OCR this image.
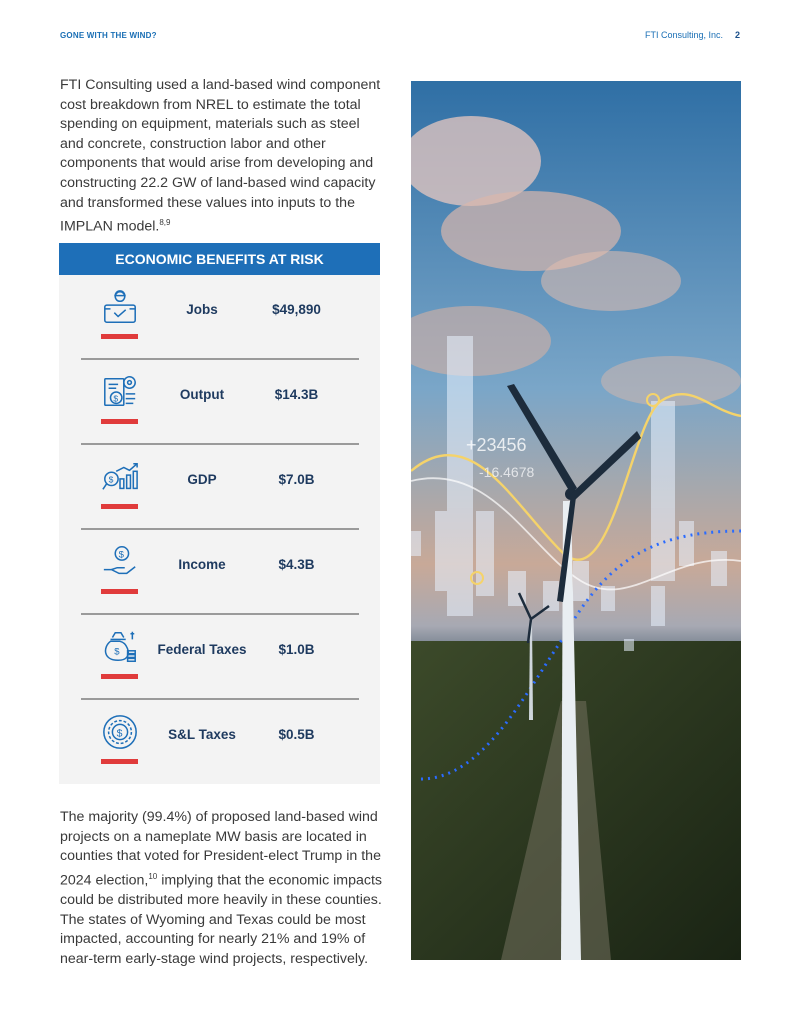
GONE WITH THE WIND?	FTI Consulting, Inc. 2

FTI Consulting used a land-based wind component cost breakdown from NREL to estimate the total spending on equipment, materials such as steel and concrete, construction labor and other components that would arise from developing and constructing 22.2 GW of land-based wind capacity and transformed these values into inputs to the IMPLAN model.$^{8,9}$

ECONOMIC BENEFITS AT RISK
Jobs	$49,890
$	Output	$14.3B
$	GDP	$7.0B
$
Income	$4.3B
$	Federal Taxes	$1.0B
$	S&L Taxes	$0.5B

The majority (99.4%) of proposed land-based wind projects on a nameplate MW basis are located in counties that voted for President-elect Trump in the 2024 election,$^{10}$ implying that the economic impacts could be distributed more heavily in these counties. The states of Wyoming and Texas could be most impacted, accounting for nearly 21% and 19% of near-term early-stage wind projects, respectively.

+23456
-16.4678
